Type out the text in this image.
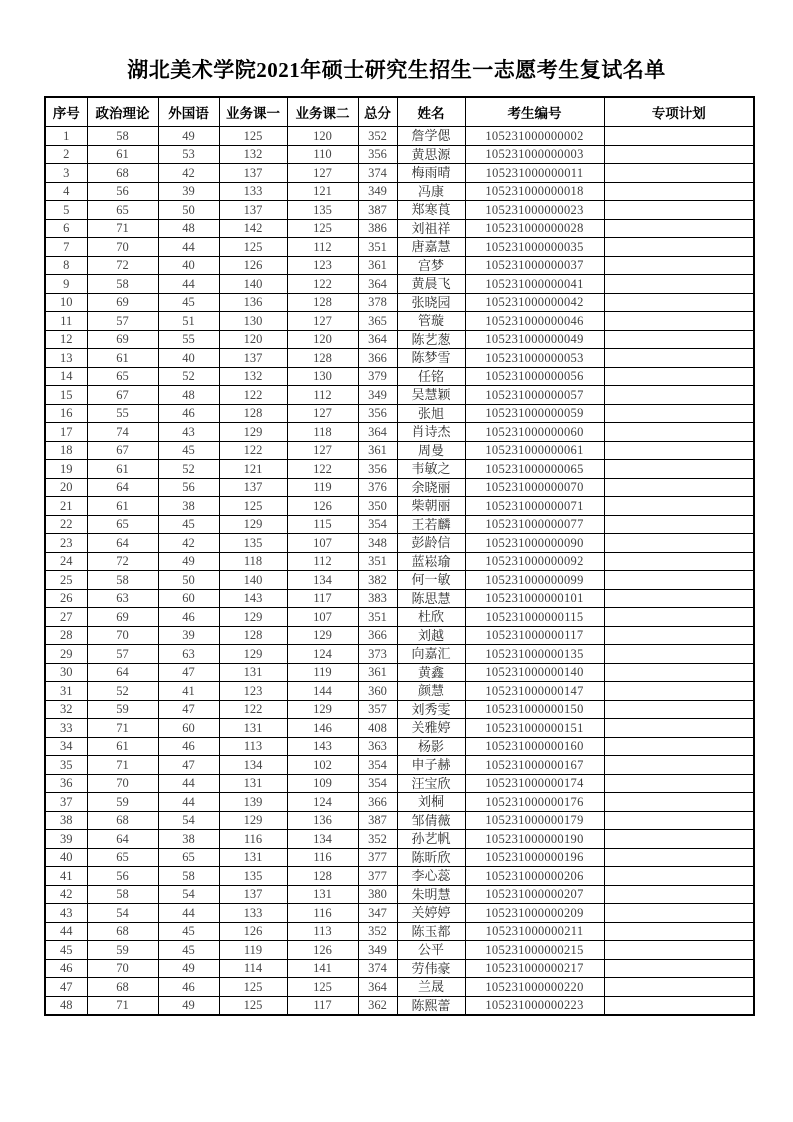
湖北美术学院2021年硕士研究生招生一志愿考生复试名单
序号	政治理论	外国语	业务课一	业务课二	总分	姓名	考生编号	专项计划
1	58	49	125	120	352	詹学偲	105231000000002	
2	61	53	132	110	356	黄思源	105231000000003	
3	68	42	137	127	374	梅雨晴	105231000000011	
4	56	39	133	121	349	冯康	105231000000018	
5	65	50	137	135	387	郑寒莨	105231000000023	
6	71	48	142	125	386	刘祖祥	105231000000028	
7	70	44	125	112	351	唐嘉慧	105231000000035	
8	72	40	126	123	361	宫梦	105231000000037	
9	58	44	140	122	364	黄晨飞	105231000000041	
10	69	45	136	128	378	张晓园	105231000000042	
11	57	51	130	127	365	管璇	105231000000046	
12	69	55	120	120	364	陈艺葱	105231000000049	
13	61	40	137	128	366	陈梦雪	105231000000053	
14	65	52	132	130	379	任铭	105231000000056	
15	67	48	122	112	349	吴慧颖	105231000000057	
16	55	46	128	127	356	张旭	105231000000059	
17	74	43	129	118	364	肖诗杰	105231000000060	
18	67	45	122	127	361	周曼	105231000000061	
19	61	52	121	122	356	韦敏之	105231000000065	
20	64	56	137	119	376	余晓丽	105231000000070	
21	61	38	125	126	350	柴朝丽	105231000000071	
22	65	45	129	115	354	王若麟	105231000000077	
23	64	42	135	107	348	彭龄信	105231000000090	
24	72	49	118	112	351	蓝崧瑜	105231000000092	
25	58	50	140	134	382	何一敏	105231000000099	
26	63	60	143	117	383	陈思慧	105231000000101	
27	69	46	129	107	351	杜欣	105231000000115	
28	70	39	128	129	366	刘越	105231000000117	
29	57	63	129	124	373	向嘉汇	105231000000135	
30	64	47	131	119	361	黄鑫	105231000000140	
31	52	41	123	144	360	颜慧	105231000000147	
32	59	47	122	129	357	刘秀雯	105231000000150	
33	71	60	131	146	408	关雅婷	105231000000151	
34	61	46	113	143	363	杨影	105231000000160	
35	71	47	134	102	354	申子赫	105231000000167	
36	70	44	131	109	354	汪宝欣	105231000000174	
37	59	44	139	124	366	刘桐	105231000000176	
38	68	54	129	136	387	邹倩薇	105231000000179	
39	64	38	116	134	352	孙艺帆	105231000000190	
40	65	65	131	116	377	陈昕欣	105231000000196	
41	56	58	135	128	377	李心蕊	105231000000206	
42	58	54	137	131	380	朱明慧	105231000000207	
43	54	44	133	116	347	关婷婷	105231000000209	
44	68	45	126	113	352	陈玉都	105231000000211	
45	59	45	119	126	349	公平	105231000000215	
46	70	49	114	141	374	劳伟豪	105231000000217	
47	68	46	125	125	364	兰晟	105231000000220	
48	71	49	125	117	362	陈熙蕾	105231000000223	
